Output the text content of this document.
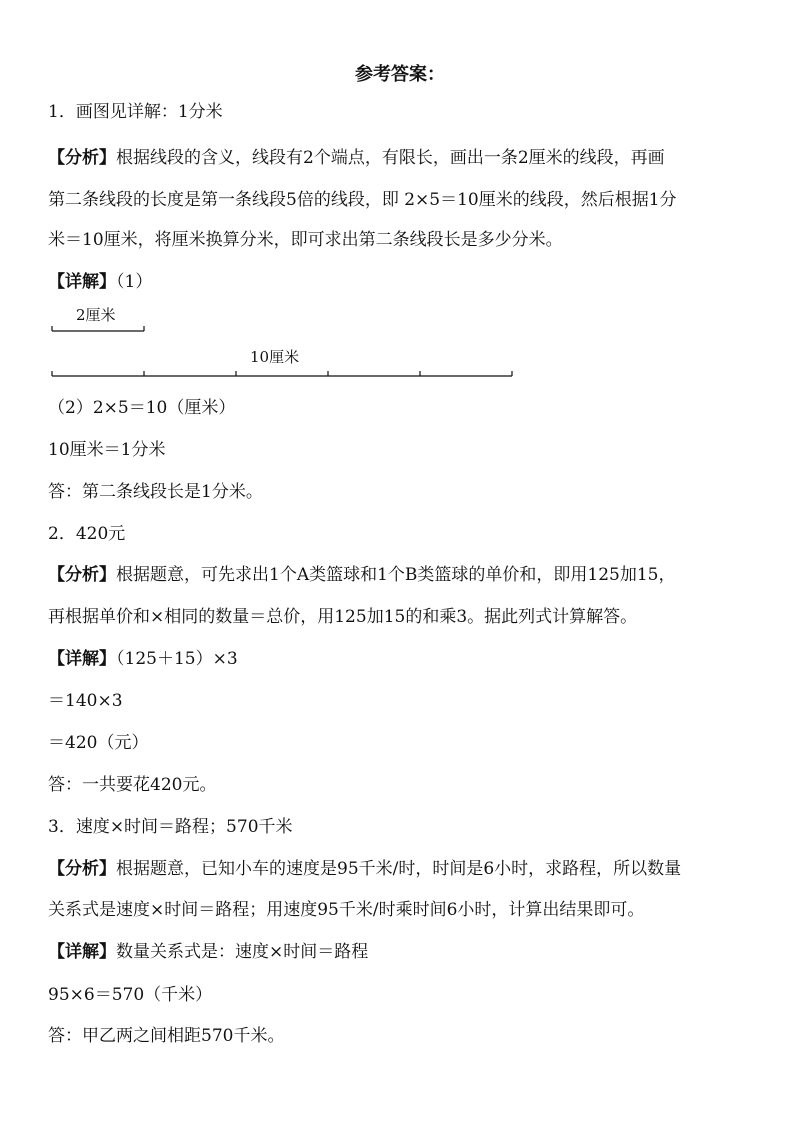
参考答案：
1．画图见详解：1分米
【分析】根据线段的含义，线段有2个端点，有限长，画出一条2厘米的线段，再画
第二条线段的长度是第一条线段5倍的线段，即 2×5＝10厘米的线段，然后根据1分
米＝10厘米，将厘米换算分米，即可求出第二条线段长是多少分米。
【详解】（1）
2厘米
10厘米
（2）2×5＝10（厘米）
10厘米＝1分米
答：第二条线段长是1分米。
2．420元
【分析】根据题意，可先求出1个A类篮球和1个B类篮球的单价和，即用125加15，
再根据单价和×相同的数量＝总价，用125加15的和乘3。据此列式计算解答。
【详解】（125＋15）×3
＝140×3
＝420（元）
答：一共要花420元。
3．速度×时间＝路程；570千米
【分析】根据题意，已知小车的速度是95千米/时，时间是6小时，求路程，所以数量
关系式是速度×时间＝路程；用速度95千米/时乘时间6小时，计算出结果即可。
【详解】数量关系式是：速度×时间＝路程
95×6＝570（千米）
答：甲乙两之间相距570千米。
